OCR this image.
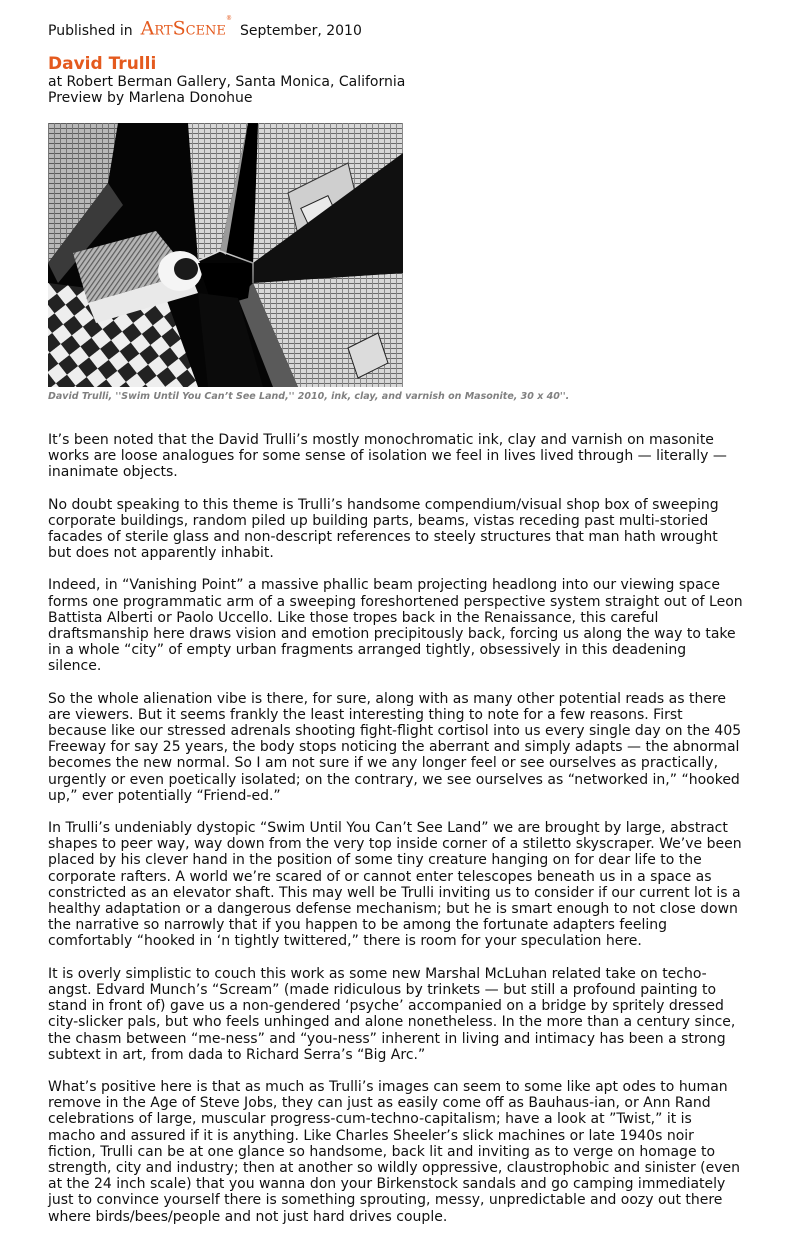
Published in ARTSCENE®
September, 2010
David Trulli
at Robert Berman Gallery, Santa Monica, California
Preview by Marlena Donohue
David Trulli, ''Swim Until You Can’t See Land,'' 2010, ink, clay, and varnish on Masonite, 30 x 40''.

It’s been noted that the David Trulli’s mostly monochromatic ink, clay and varnish on masonite works are loose analogues for some sense of isolation we feel in lives lived through — literally — inanimate objects.

No doubt speaking to this theme is Trulli’s handsome compendium/visual shop box of sweeping corporate buildings, random piled up building parts, beams, vistas receding past multi-storied facades of sterile glass and non-descript references to steely structures that man hath wrought but does not apparently inhabit.

Indeed, in “Vanishing Point” a massive phallic beam projecting headlong into our viewing space forms one programmatic arm of a sweeping foreshortened perspective system straight out of Leon Battista Alberti or Paolo Uccello. Like those tropes back in the Renaissance, this careful draftsmanship here draws vision and emotion precipitously back, forcing us along the way to take in a whole “city” of empty urban fragments arranged tightly, obsessively in this deadening silence.

So the whole alienation vibe is there, for sure, along with as many other potential reads as there are viewers. But it seems frankly the least interesting thing to note for a few reasons. First because like our stressed adrenals shooting fight-flight cortisol into us every single day on the 405 Freeway for say 25 years, the body stops noticing the aberrant and simply adapts — the abnormal becomes the new normal. So I am not sure if we any longer feel or see ourselves as practically, urgently or even poetically isolated; on the contrary, we see ourselves as “networked in,” “hooked up,” ever potentially “Friend-ed.”

In Trulli’s undeniably dystopic “Swim Until You Can’t See Land” we are brought by large, abstract shapes to peer way, way down from the very top inside corner of a stiletto skyscraper. We’ve been placed by his clever hand in the position of some tiny creature hanging on for dear life to the corporate rafters. A world we’re scared of or cannot enter telescopes beneath us in a space as constricted as an elevator shaft. This may well be Trulli inviting us to consider if our current lot is a healthy adaptation or a dangerous defense mechanism; but he is smart enough to not close down the narrative so narrowly that if you happen to be among the fortunate adapters feeling comfortably “hooked in ‘n tightly twittered,” there is room for your speculation here.

It is overly simplistic to couch this work as some new Marshal McLuhan related take on techo-angst. Edvard Munch’s “Scream” (made ridiculous by trinkets — but still a profound painting to stand in front of) gave us a non-gendered ‘psyche’ accompanied on a bridge by spritely dressed city-slicker pals, but who feels unhinged and alone nonetheless. In the more than a century since, the chasm between “me-ness” and “you-ness” inherent in living and intimacy has been a strong subtext in art, from dada to Richard Serra’s “Big Arc.”

What’s positive here is that as much as Trulli’s images can seem to some like apt odes to human remove in the Age of Steve Jobs, they can just as easily come off as Bauhaus-ian, or Ann Rand celebrations of large, muscular progress-cum-techno-capitalism; have a look at ”Twist,” it is macho and assured if it is anything. Like Charles Sheeler’s slick machines or late 1940s noir fiction, Trulli can be at one glance so handsome, back lit and inviting as to verge on homage to strength, city and industry; then at another so wildly oppressive, claustrophobic and sinister (even at the 24 inch scale) that you wanna don your Birkenstock sandals and go camping immediately just to convince yourself there is something sprouting, messy, unpredictable and oozy out there where birds/bees/people and not just hard drives couple.
